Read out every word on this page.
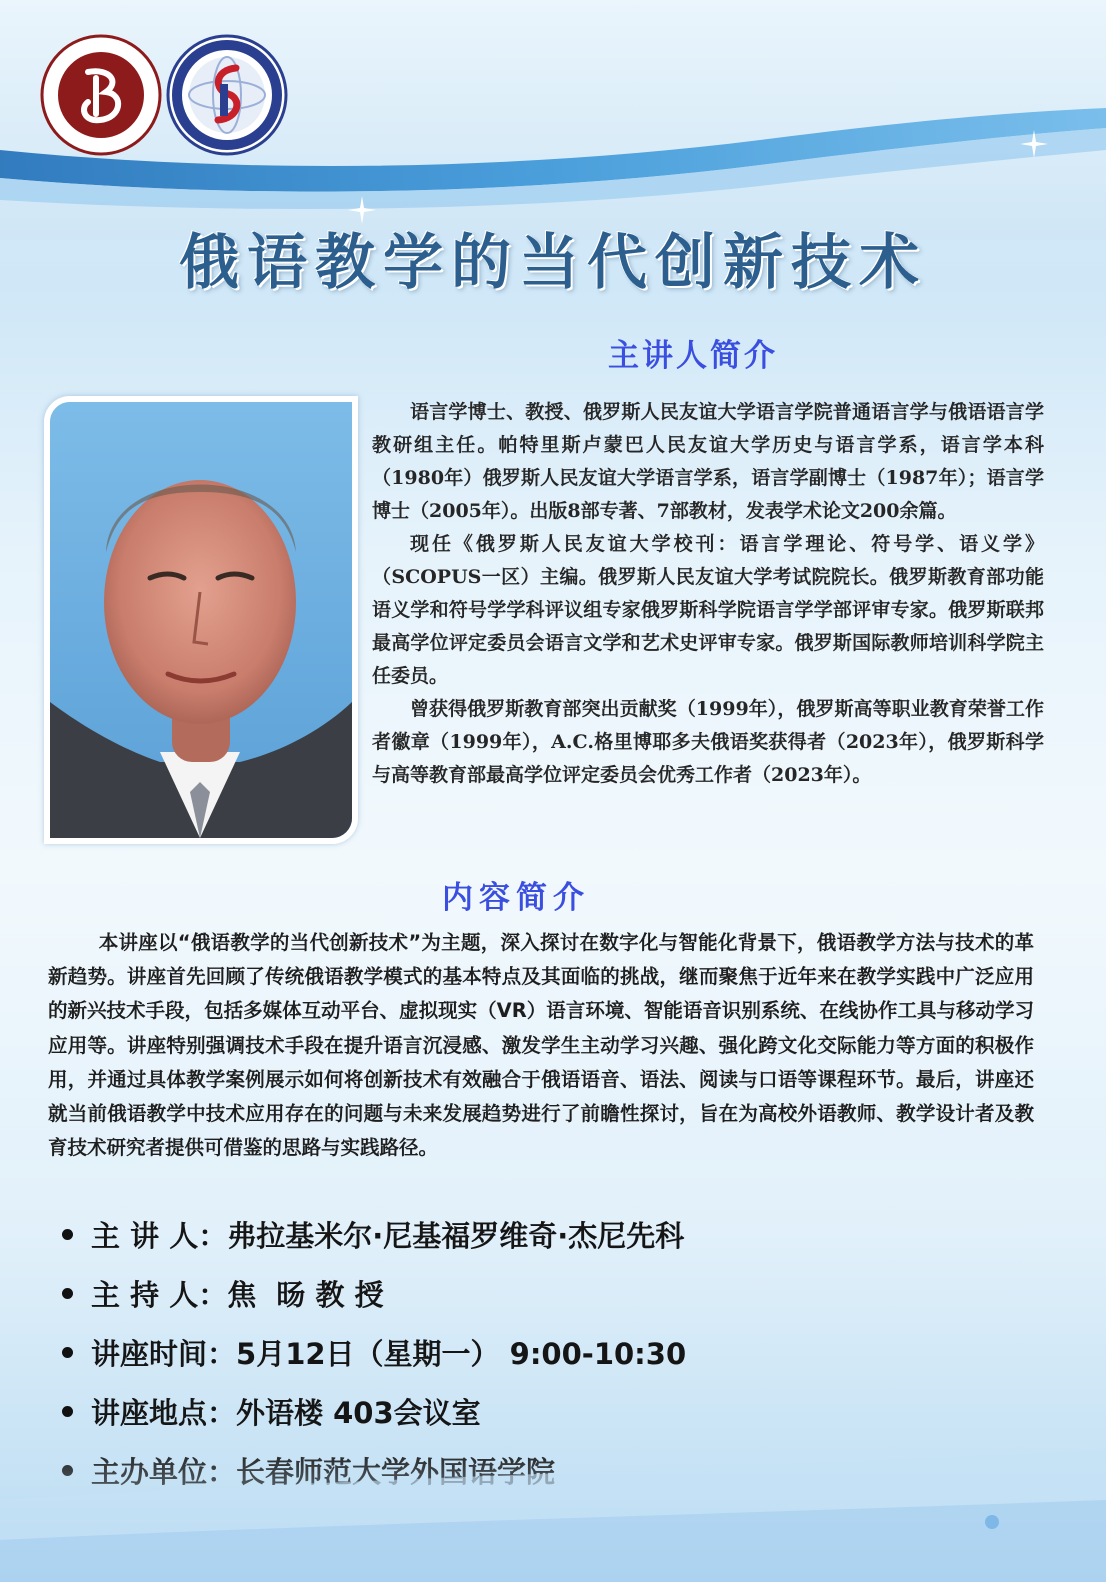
俄语教学的当代创新技术
主讲人简介

语言学博士、教授、俄罗斯人民友谊大学语言学院普通语言学与俄语语言学教研组主任。帕特里斯卢蒙巴人民友谊大学历史与语言学系，语言学本科（1980年）俄罗斯人民友谊大学语言学系，语言学副博士（1987年）；语言学博士（2005年）。出版8部专著、7部教材，发表学术论文200余篇。

现任《俄罗斯人民友谊大学校刊：语言学理论、符号学、语义学》（SCOPUS一区）主编。俄罗斯人民友谊大学考试院院长。俄罗斯教育部功能语义学和符号学学科评议组专家俄罗斯科学院语言学学部评审专家。俄罗斯联邦最高学位评定委员会语言文学和艺术史评审专家。俄罗斯国际教师培训科学院主任委员。

曾获得俄罗斯教育部突出贡献奖（1999年），俄罗斯高等职业教育荣誉工作者徽章（1999年），A.C.格里博耶多夫俄语奖获得者（2023年），俄罗斯科学与高等教育部最高学位评定委员会优秀工作者（2023年）。

内容简介
本讲座以“俄语教学的当代创新技术”为主题，深入探讨在数字化与智能化背景下，俄语教学方法与技术的革新趋势。讲座首先回顾了传统俄语教学模式的基本特点及其面临的挑战，继而聚焦于近年来在教学实践中广泛应用的新兴技术手段，包括多媒体互动平台、虚拟现实（VR）语言环境、智能语音识别系统、在线协作工具与移动学习应用等。讲座特别强调技术手段在提升语言沉浸感、激发学生主动学习兴趣、强化跨文化交际能力等方面的积极作用，并通过具体教学案例展示如何将创新技术有效融合于俄语语音、语法、阅读与口语等课程环节。最后，讲座还就当前俄语教学中技术应用存在的问题与未来发展趋势进行了前瞻性探讨，旨在为高校外语教师、教学设计者及教育技术研究者提供可借鉴的思路与实践路径。
主 讲 人： 弗拉基米尔·尼基福罗维奇·杰尼先科
主 持 人： 焦  旸 教 授
讲座时间： 5月12日（星期一） 9:00-10:30
讲座地点： 外语楼 403会议室
